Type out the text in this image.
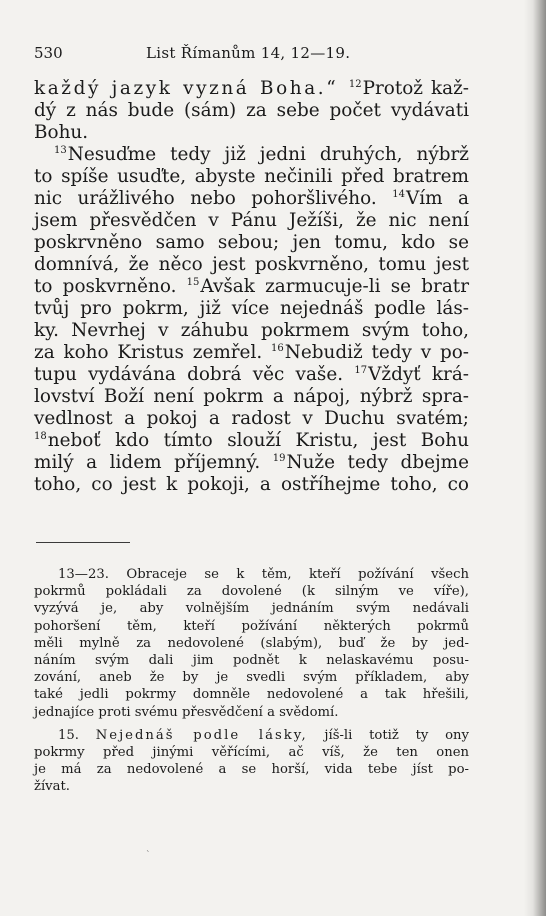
530	List Římanům 14, 12—19.
každý jazyk vyzná Boha.“ $^{12}$Protož kaž-
dý z nás bude (sám) za sebe počet vydávati
Bohu.
$^{13}$Nesuďme tedy již jedni druhých, nýbrž
to spíše usuďte, abyste nečinili před bratrem
nic urážlivého nebo pohoršlivého. $^{14}$Vím a
jsem přesvědčen v Pánu Ježíši, že nic není
poskrvněno samo sebou; jen tomu, kdo se
domnívá, že něco jest poskvrněno, tomu jest
to poskvrněno. $^{15}$Avšak zarmucuje-li se bratr
tvůj pro pokrm, již více nejednáš podle lás-
ky. Nevrhej v záhubu pokrmem svým toho,
za koho Kristus zemřel. $^{16}$Nebudiž tedy v po-
tupu vydávána dobrá věc vaše. $^{17}$Vždyť krá-
lovství Boží není pokrm a nápoj, nýbrž spra-
vedlnost a pokoj a radost v Duchu svatém;
$^{18}$neboť kdo tímto slouží Kristu, jest Bohu
milý a lidem příjemný. $^{19}$Nuže tedy dbejme
toho, co jest k pokoji, a ostříhejme toho, co
13—23. Obraceje se k těm, kteří požívání všech
pokrmů pokládali za dovolené (k silným ve víře),
vyzývá je, aby volnějším jednáním svým nedávali
pohoršení těm, kteří požívání některých pokrmů
měli mylně za nedovolené (slabým), buď že by jed-
náním svým dali jim podnět k nelaskavému posu-
zování, aneb že by je svedli svým příkladem, aby
také jedli pokrmy domněle nedovolené a tak hřešili,
jednajíce proti svému přesvědčení a svědomí.
15. Nejednáš podle lásky, jíš-li totiž ty ony
pokrmy před jinými věřícími, ač víš, že ten onen
je má za nedovolené a se horší, vida tebe jíst po-
žívat.
`
